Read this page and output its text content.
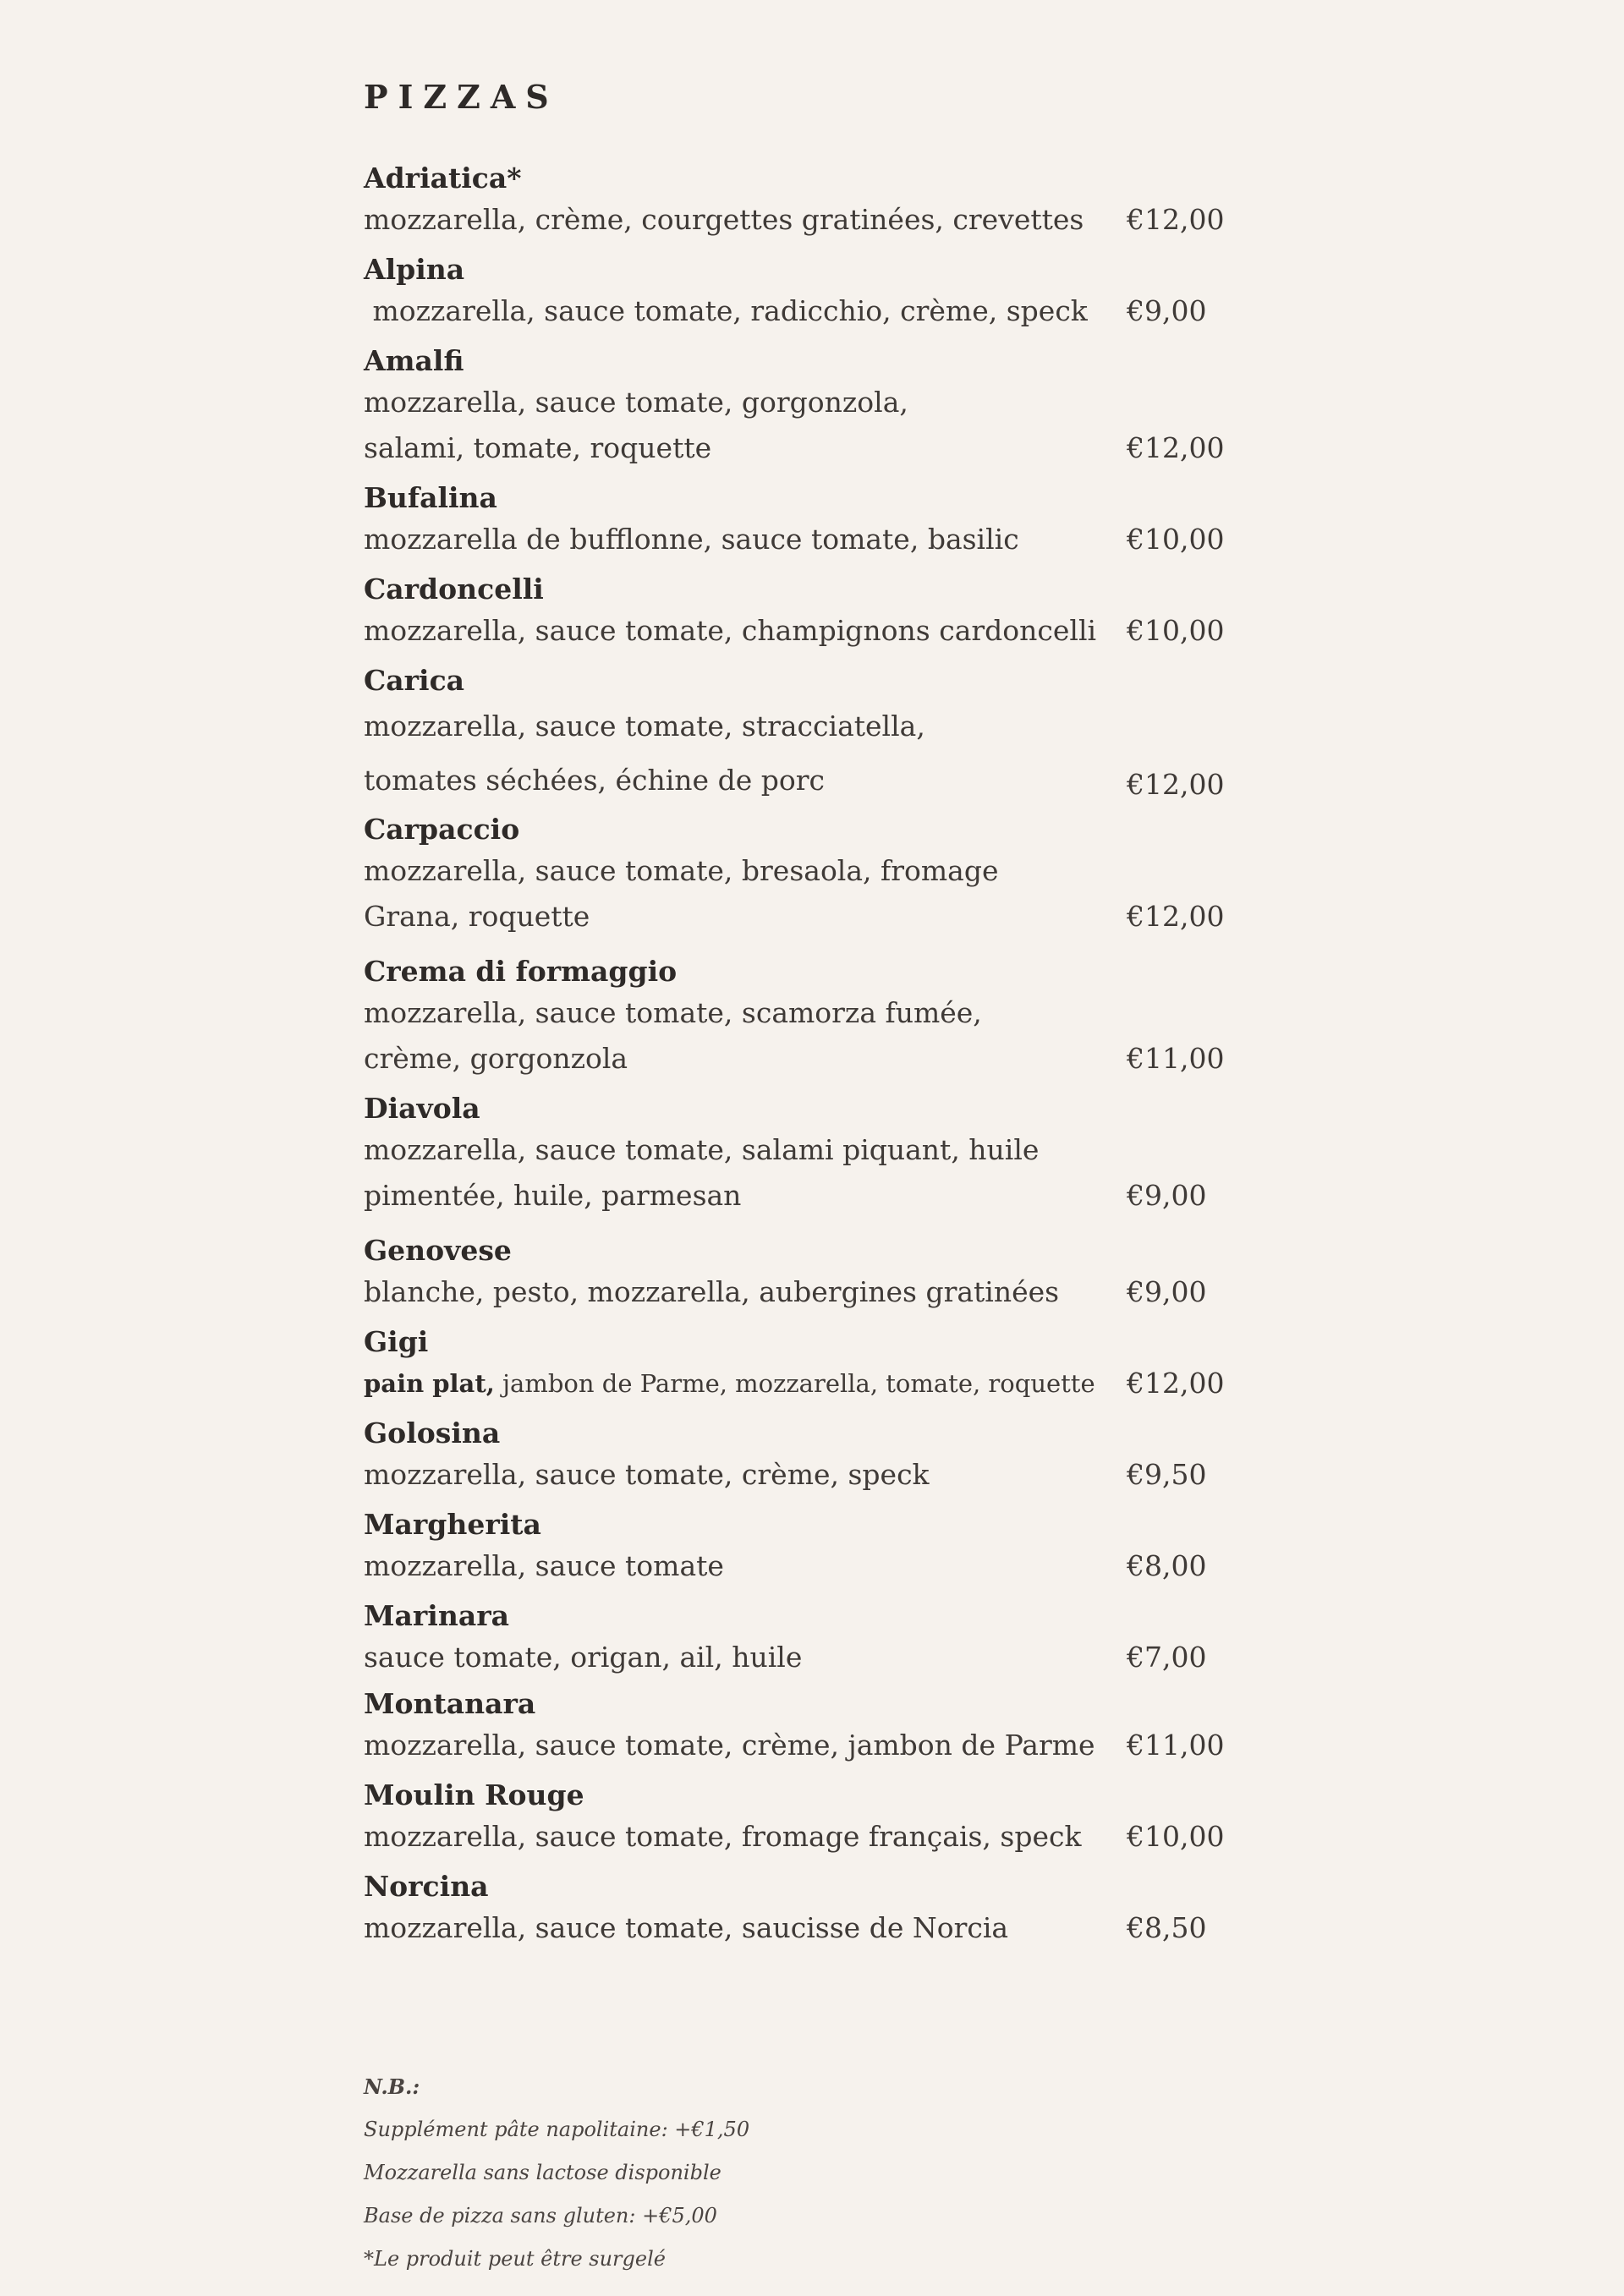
PIZZAS
Adriatica*
mozzarella, crème, courgettes gratinées, crevettes	€12,00
Alpina
mozzarella, sauce tomate, radicchio, crème, speck	€9,00
Amalfi
mozzarella, sauce tomate, gorgonzola, salami, tomate, roquette	€12,00
Bufalina
mozzarella de bufflonne, sauce tomate, basilic	€10,00
Cardoncelli
mozzarella, sauce tomate, champignons cardoncelli	€10,00
Carica
mozzarella, sauce tomate, stracciatella, tomates séchées, échine de porc	€12,00
Carpaccio
mozzarella, sauce tomate, bresaola, fromage Grana, roquette	€12,00
Crema di formaggio
mozzarella, sauce tomate, scamorza fumée, crème, gorgonzola	€11,00
Diavola
mozzarella, sauce tomate, salami piquant, huile pimentée, huile, parmesan	€9,00
Genovese
blanche, pesto, mozzarella, aubergines gratinées	€9,00
Gigi
pain plat, jambon de Parme, mozzarella, tomate, roquette	€12,00
Golosina
mozzarella, sauce tomate, crème, speck	€9,50
Margherita
mozzarella, sauce tomate	€8,00
Marinara
sauce tomate, origan, ail, huile	€7,00
Montanara
mozzarella, sauce tomate, crème, jambon de Parme	€11,00
Moulin Rouge
mozzarella, sauce tomate, fromage français, speck	€10,00
Norcina
mozzarella, sauce tomate, saucisse de Norcia	€8,50
N.B.:
Supplément pâte napolitaine: +€1,50
Mozzarella sans lactose disponible
Base de pizza sans gluten: +€5,00
*Le produit peut être surgelé
